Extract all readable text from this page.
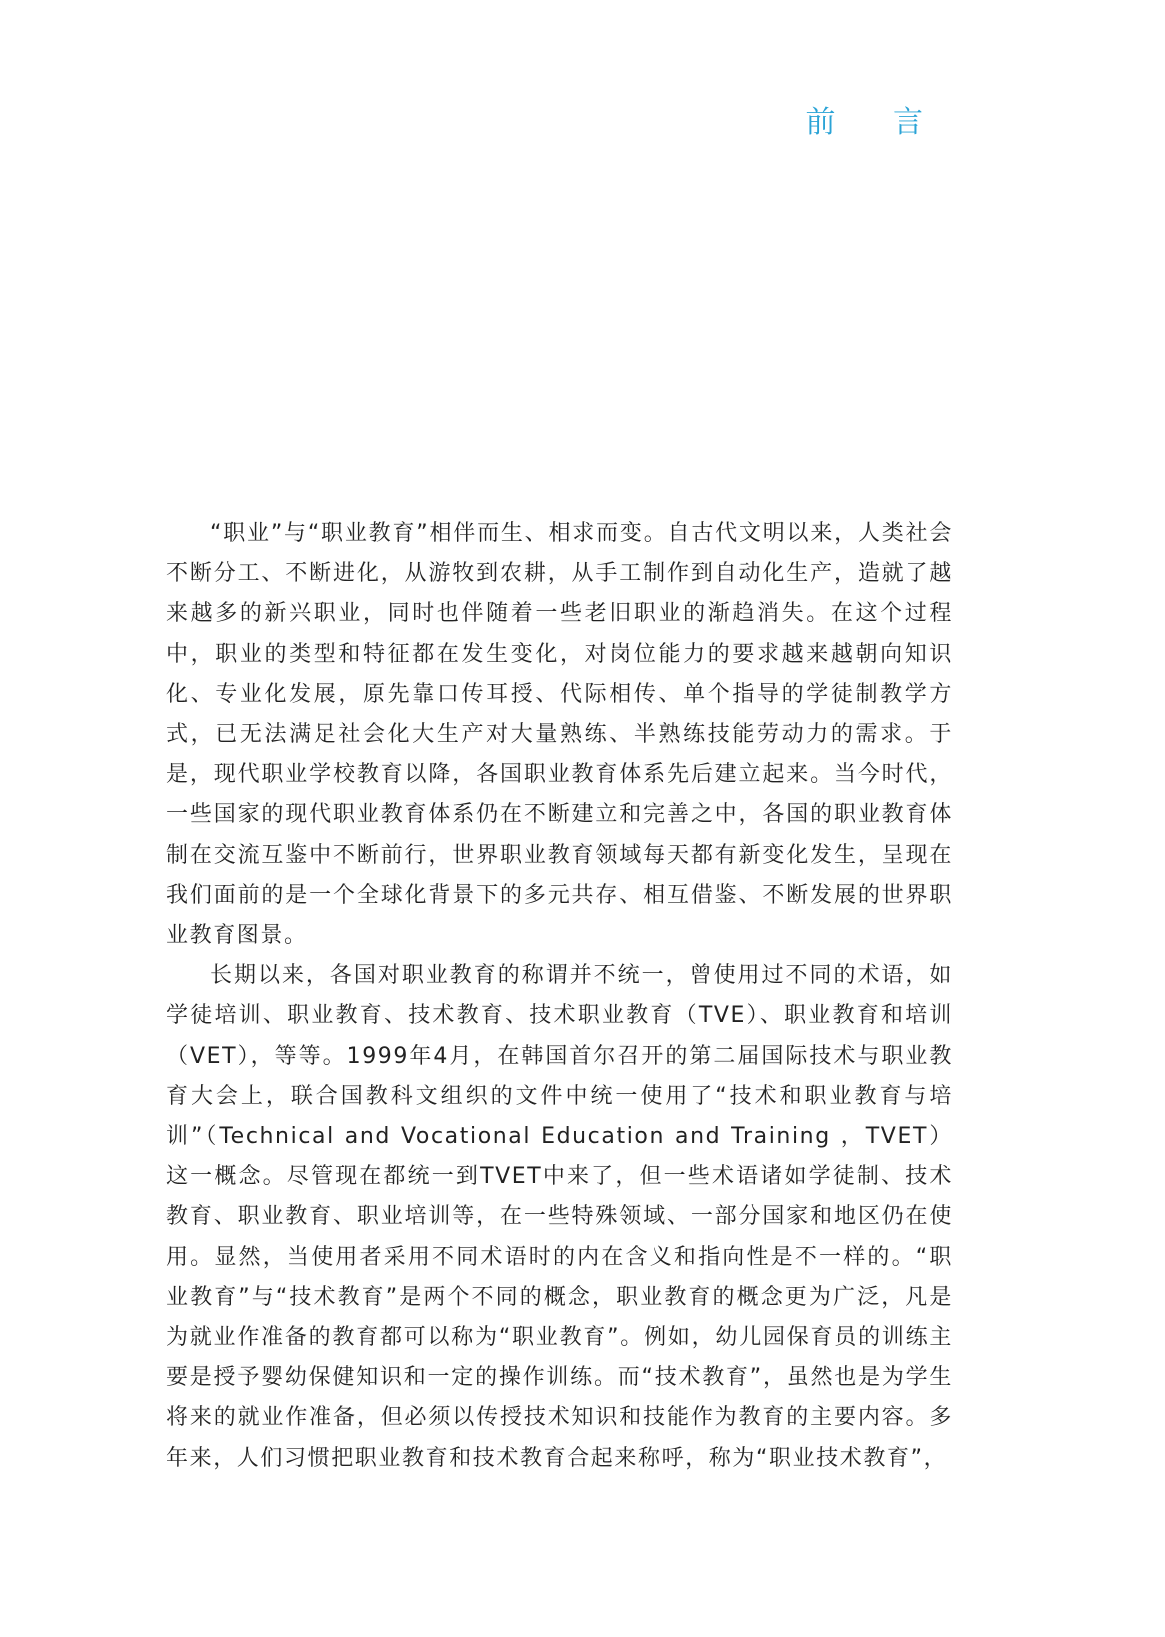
前 言

“职业”与“职业教育”相伴而生、相求而变。自古代文明以来，人类社会不断分工、不断进化，从游牧到农耕，从手工制作到自动化生产，造就了越来越多的新兴职业，同时也伴随着一些老旧职业的渐趋消失。在这个过程中，职业的类型和特征都在发生变化，对岗位能力的要求越来越朝向知识化、专业化发展，原先靠口传耳授、代际相传、单个指导的学徒制教学方式，已无法满足社会化大生产对大量熟练、半熟练技能劳动力的需求。于是，现代职业学校教育以降，各国职业教育体系先后建立起来。当今时代，一些国家的现代职业教育体系仍在不断建立和完善之中，各国的职业教育体制在交流互鉴中不断前行，世界职业教育领域每天都有新变化发生，呈现在我们面前的是一个全球化背景下的多元共存、相互借鉴、不断发展的世界职业教育图景。

长期以来，各国对职业教育的称谓并不统一，曾使用过不同的术语，如学徒培训、职业教育、技术教育、技术职业教育（TVE）、职业教育和培训（VET），等等。1999年4月，在韩国首尔召开的第二届国际技术与职业教育大会上，联合国教科文组织的文件中统一使用了“技术和职业教育与培训”（Technical and Vocational Education and Training ，TVET）这一概念。尽管现在都统一到TVET中来了，但一些术语诸如学徒制、技术教育、职业教育、职业培训等，在一些特殊领域、一部分国家和地区仍在使用。显然，当使用者采用不同术语时的内在含义和指向性是不一样的。“职业教育”与“技术教育”是两个不同的概念，职业教育的概念更为广泛，凡是为就业作准备的教育都可以称为“职业教育”。例如，幼儿园保育员的训练主要是授予婴幼保健知识和一定的操作训练。而“技术教育”，虽然也是为学生将来的就业作准备，但必须以传授技术知识和技能作为教育的主要内容。多年来，人们习惯把职业教育和技术教育合起来称呼，称为“职业技术教育”，
